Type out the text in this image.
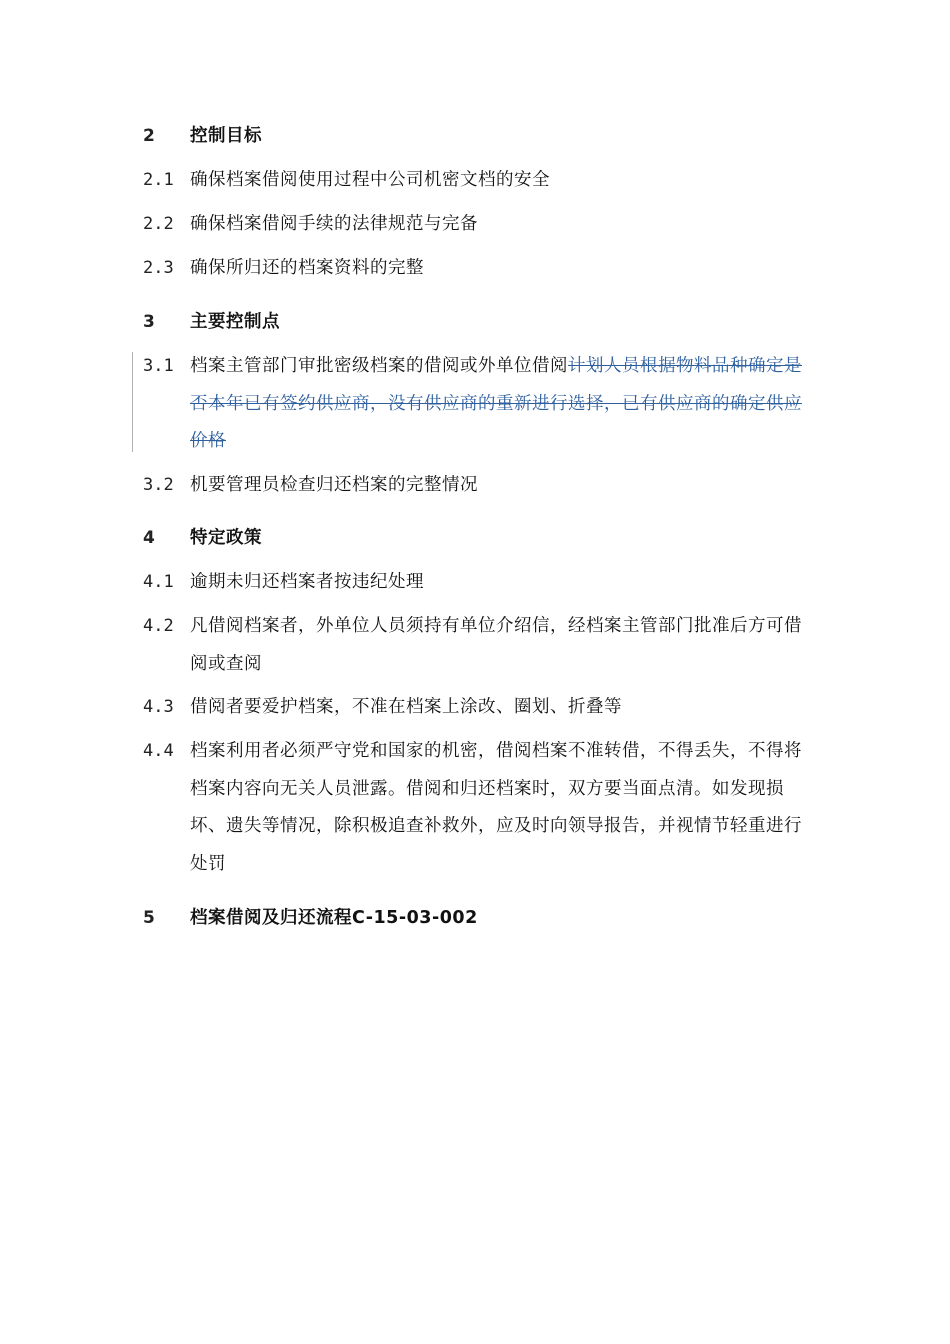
2 控制目标
2.1 确保档案借阅使用过程中公司机密文档的安全
2.2 确保档案借阅手续的法律规范与完备
2.3 确保所归还的档案资料的完整
3 主要控制点
3.1 档案主管部门审批密级档案的借阅或外单位借阅计划人员根据物料品种确定是否本年已有签约供应商，没有供应商的重新进行选择，已有供应商的确定供应价格
3.2 机要管理员检查归还档案的完整情况
4 特定政策
4.1 逾期未归还档案者按违纪处理
4.2 凡借阅档案者，外单位人员须持有单位介绍信，经档案主管部门批准后方可借阅或查阅
4.3 借阅者要爱护档案，不准在档案上涂改、圈划、折叠等
4.4 档案利用者必须严守党和国家的机密，借阅档案不准转借，不得丢失，不得将档案内容向无关人员泄露。借阅和归还档案时，双方要当面点清。如发现损坏、遗失等情况，除积极追查补救外，应及时向领导报告，并视情节轻重进行处罚
5 档案借阅及归还流程C-15-03-002
